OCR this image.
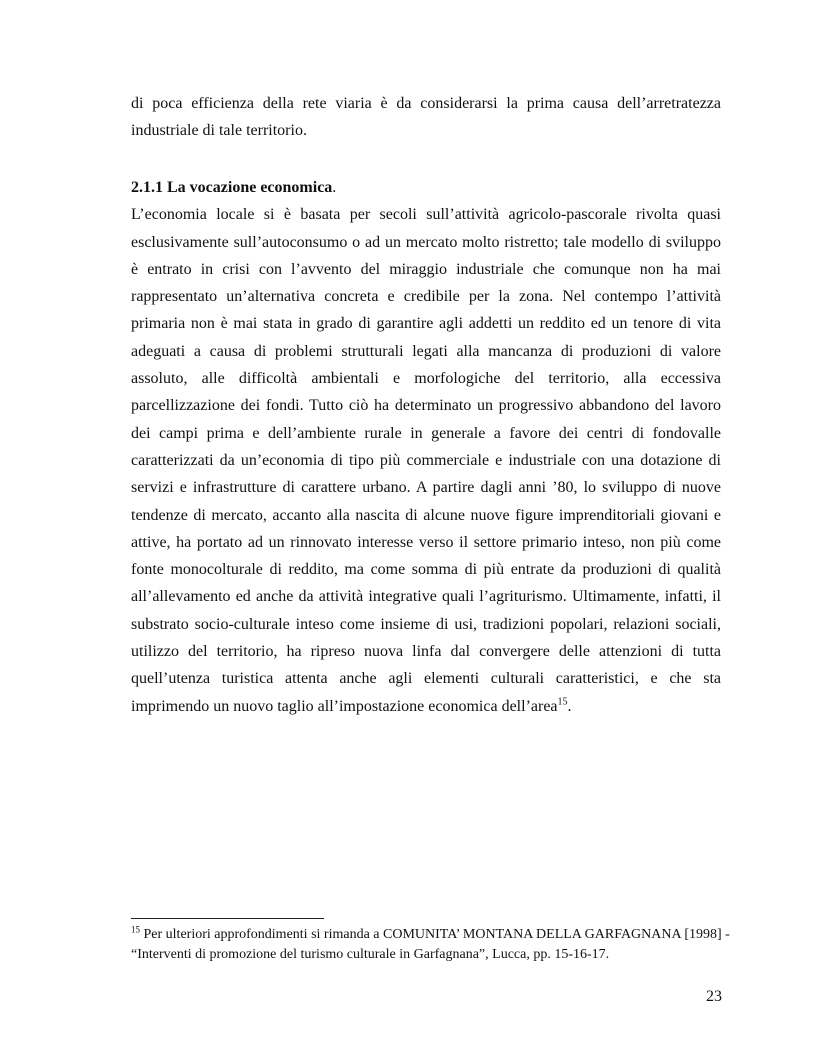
di poca efficienza della rete viaria è da considerarsi la prima causa dell’arretratezza industriale di tale territorio.

2.1.1 La vocazione economica.

L’economia locale si è basata per secoli sull’attività agricolo-pascorale rivolta quasi esclusivamente sull’autoconsumo o ad un mercato molto ristretto; tale modello di sviluppo è entrato in crisi con l’avvento del miraggio industriale che comunque non ha mai rappresentato un’alternativa concreta e credibile per la zona. Nel contempo l’attività primaria non è mai stata in grado di garantire agli addetti un reddito ed un tenore di vita adeguati a causa di problemi strutturali legati alla mancanza di produzioni di valore assoluto, alle difficoltà ambientali e morfologiche del territorio, alla eccessiva parcellizzazione dei fondi. Tutto ciò ha determinato un progressivo abbandono del lavoro dei campi prima e dell’ambiente rurale in generale a favore dei centri di fondovalle caratterizzati da un’economia di tipo più commerciale e industriale con una dotazione di servizi e infrastrutture di carattere urbano. A partire dagli anni ’80, lo sviluppo di nuove tendenze di mercato, accanto alla nascita di alcune nuove figure imprenditoriali giovani e attive, ha portato ad un rinnovato interesse verso il settore primario inteso, non più come fonte monocolturale di reddito, ma come somma di più entrate da produzioni di qualità all’allevamento ed anche da attività integrative quali l’agriturismo. Ultimamente, infatti, il substrato socio-culturale inteso come insieme di usi, tradizioni popolari, relazioni sociali, utilizzo del territorio, ha ripreso nuova linfa dal convergere delle attenzioni di tutta quell’utenza turistica attenta anche agli elementi culturali caratteristici, e che sta imprimendo un nuovo taglio all’impostazione economica dell’area$^{15}$.

$^{15}$ Per ulteriori approfondimenti si rimanda a COMUNITA’ MONTANA DELLA GARFAGNANA [1998] - “Interventi di promozione del turismo culturale in Garfagnana”, Lucca, pp. 15-16-17.

23
